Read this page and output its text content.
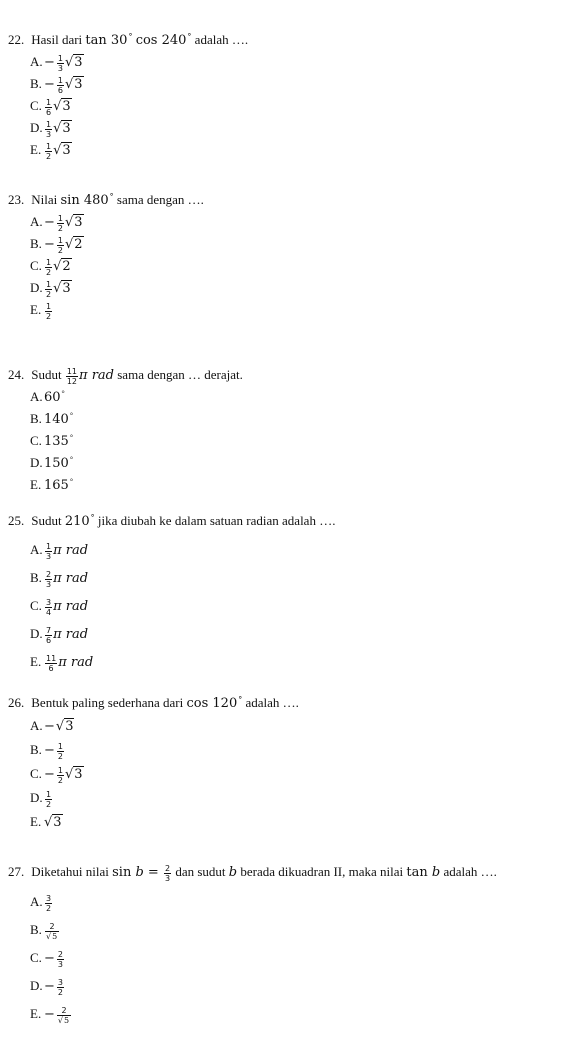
22. Hasil dari tan 30° cos 240° adalah ….
$A.- \frac{1}{3} √3$
B. − $\frac{1}{6} √3$
C. $\frac{1}{6} √3$
D. $\frac{1}{3} √3$
E. $\frac{1}{2} √3$
23. Nilai sin 480° sama dengan ….
$A.- \frac{1}{2} √3$
B. − $\frac{1}{2} √2$
C. $\frac{1}{2} √2$
D. $\frac{1}{2} √3$
E. $\frac{1}{2}$
24. Sudut $\frac{11}{12}$ π rad sama dengan … derajat.
A.60°
B. 140°
C. 135°
D.150°
E. 165°
25. Sudut 210° jika diubah ke dalam satuan radian adalah ….
A. $\frac{1}{3}$ π rad
B. $\frac{2}{3}$ π rad
C. $\frac{3}{4}$ π rad
D. $\frac{7}{6}$ π rad
E. $\frac{11}{6}$ π rad
26. Bentuk paling sederhana dari cos 120° adalah ….
A.−√3
B. − $\frac{1}{2}$
C. − $\frac{1}{2} √3$
D. $\frac{1}{2}$
E. √3
27. Diketahui nilai $\sin b = \frac{2}{3}$ dan sudut b berada dikuadran II, maka nilai tan b adalah ….
A. $\frac{3}{2}$
B. $\frac{2}{√5}$
C. − $\frac{2}{3}$
$D.- \frac{3}{2}$
E. − $\frac{2}{√5}$
